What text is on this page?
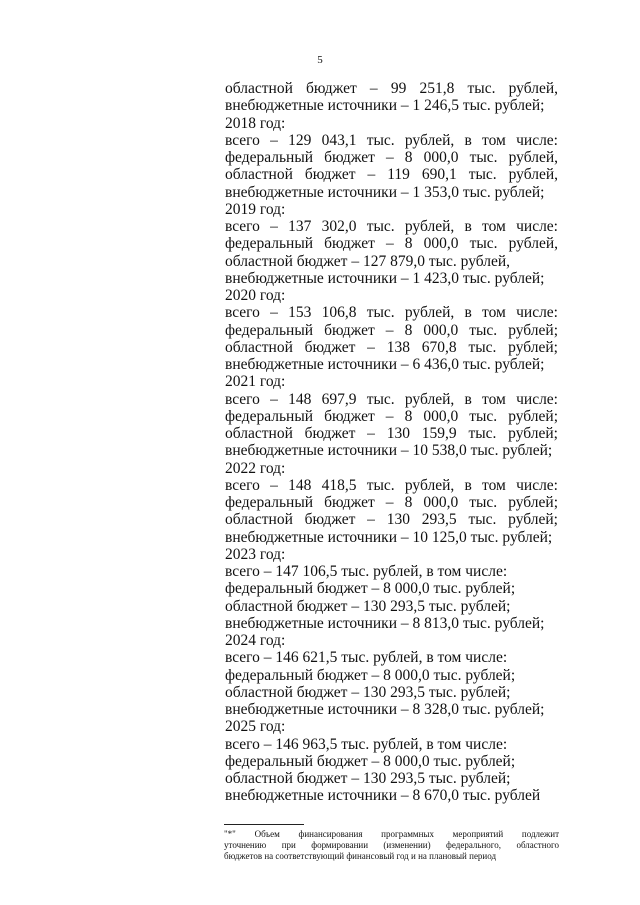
5
областной бюджет – 99 251,8 тыс. рублей,
внебюджетные источники – 1 246,5 тыс. рублей;
2018 год:
всего – 129 043,1 тыс. рублей, в том числе:
федеральный бюджет – 8 000,0 тыс. рублей,
областной бюджет – 119 690,1 тыс. рублей,
внебюджетные источники – 1 353,0 тыс. рублей;
2019 год:
всего – 137 302,0 тыс. рублей, в том числе:
федеральный бюджет – 8 000,0 тыс. рублей,
областной бюджет – 127 879,0 тыс. рублей,
внебюджетные источники – 1 423,0 тыс. рублей;
2020 год:
всего – 153 106,8 тыс. рублей, в том числе:
федеральный бюджет – 8 000,0 тыс. рублей;
областной бюджет – 138 670,8 тыс. рублей;
внебюджетные источники – 6 436,0 тыс. рублей;
2021 год:
всего – 148 697,9 тыс. рублей, в том числе:
федеральный бюджет – 8 000,0 тыс. рублей;
областной бюджет – 130 159,9 тыс. рублей;
внебюджетные источники – 10 538,0 тыс. рублей;
2022 год:
всего – 148 418,5 тыс. рублей, в том числе:
федеральный бюджет – 8 000,0 тыс. рублей;
областной бюджет – 130 293,5 тыс. рублей;
внебюджетные источники – 10 125,0 тыс. рублей;
2023 год:
всего – 147 106,5 тыс. рублей, в том числе:
федеральный бюджет – 8 000,0 тыс. рублей;
областной бюджет – 130 293,5 тыс. рублей;
внебюджетные источники – 8 813,0 тыс. рублей;
2024 год:
всего – 146 621,5 тыс. рублей, в том числе:
федеральный бюджет – 8 000,0 тыс. рублей;
областной бюджет – 130 293,5 тыс. рублей;
внебюджетные источники – 8 328,0 тыс. рублей;
2025 год:
всего – 146 963,5 тыс. рублей, в том числе:
федеральный бюджет – 8 000,0 тыс. рублей;
областной бюджет – 130 293,5 тыс. рублей;
внебюджетные источники – 8 670,0 тыс. рублей
"*" Объем финансирования программных мероприятий подлежит
уточнению при формировании (изменении) федерального, областного
бюджетов на соответствующий финансовый год и на плановый период
